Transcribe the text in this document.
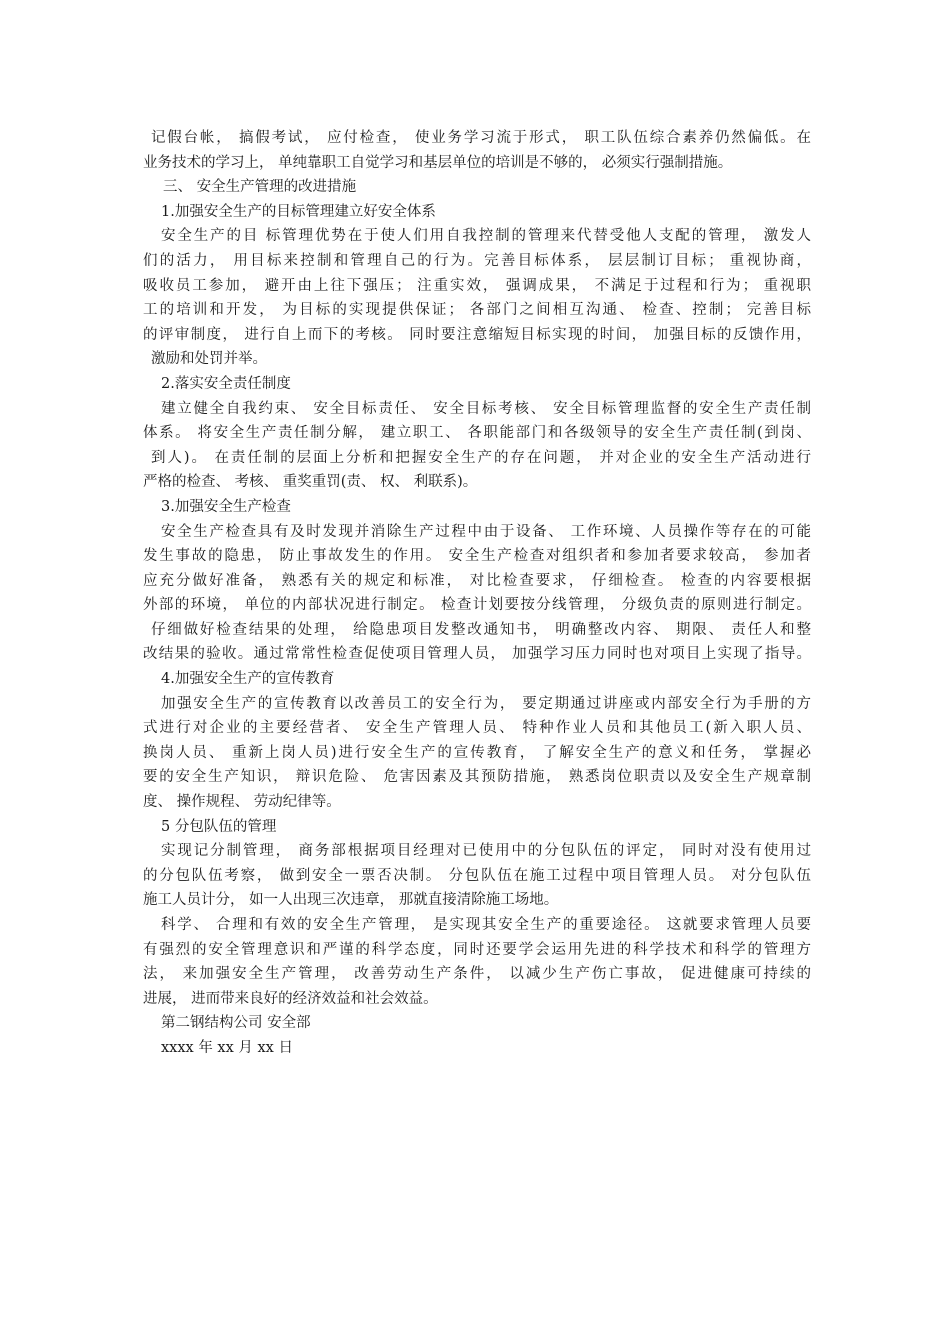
记假台帐， 搞假考试， 应付检查， 使业务学习流于形式， 职工队伍综合素养仍然偏低。在
业务技术的学习上， 单纯靠职工自觉学习和基层单位的培训是不够的， 必须实行强制措施。
三、 安全生产管理的改进措施
1.加强安全生产的目标管理建立好安全体系
安全生产的目 标管理优势在于使人们用自我控制的管理来代替受他人支配的管理， 激发人
们的活力， 用目标来控制和管理自己的行为。完善目标体系， 层层制订目标； 重视协商，
吸收员工参加， 避开由上往下强压； 注重实效， 强调成果， 不满足于过程和行为； 重视职
工的培训和开发， 为目标的实现提供保证； 各部门之间相互沟通、 检查、控制； 完善目标
的评审制度， 进行自上而下的考核。 同时要注意缩短目标实现的时间， 加强目标的反馈作用，
激励和处罚并举。
2.落实安全责任制度
建立健全自我约束、 安全目标责任、 安全目标考核、 安全目标管理监督的安全生产责任制
体系。 将安全生产责任制分解， 建立职工、 各职能部门和各级领导的安全生产责任制(到岗、
到人)。 在责任制的层面上分析和把握安全生产的存在问题， 并对企业的安全生产活动进行
严格的检查、 考核、 重奖重罚(责、 权、 利联系)。
3.加强安全生产检查
安全生产检查具有及时发现并消除生产过程中由于设备、 工作环境、人员操作等存在的可能
发生事故的隐患， 防止事故发生的作用。 安全生产检查对组织者和参加者要求较高， 参加者
应充分做好准备， 熟悉有关的规定和标准， 对比检查要求， 仔细检查。 检查的内容要根据
外部的环境， 单位的内部状况进行制定。 检查计划要按分线管理， 分级负责的原则进行制定。
仔细做好检查结果的处理， 给隐患项目发整改通知书， 明确整改内容、 期限、 责任人和整
改结果的验收。通过常常性检查促使项目管理人员， 加强学习压力同时也对项目上实现了指导。
4.加强安全生产的宣传教育
加强安全生产的宣传教育以改善员工的安全行为， 要定期通过讲座或内部安全行为手册的方
式进行对企业的主要经营者、 安全生产管理人员、 特种作业人员和其他员工(新入职人员、
换岗人员、 重新上岗人员)进行安全生产的宣传教育， 了解安全生产的意义和任务， 掌握必
要的安全生产知识， 辩识危险、 危害因素及其预防措施， 熟悉岗位职责以及安全生产规章制
度、 操作规程、 劳动纪律等。
5 分包队伍的管理
实现记分制管理， 商务部根据项目经理对已使用中的分包队伍的评定， 同时对没有使用过
的分包队伍考察， 做到安全一票否决制。 分包队伍在施工过程中项目管理人员。 对分包队伍
施工人员计分， 如一人出现三次违章， 那就直接清除施工场地。
科学、 合理和有效的安全生产管理， 是实现其安全生产的重要途径。 这就要求管理人员要
有强烈的安全管理意识和严谨的科学态度，同时还要学会运用先进的科学技术和科学的管理方
法， 来加强安全生产管理， 改善劳动生产条件， 以减少生产伤亡事故， 促进健康可持续的
进展， 进而带来良好的经济效益和社会效益。
第二钢结构公司 安全部
xxxx 年 xx 月 xx 日
